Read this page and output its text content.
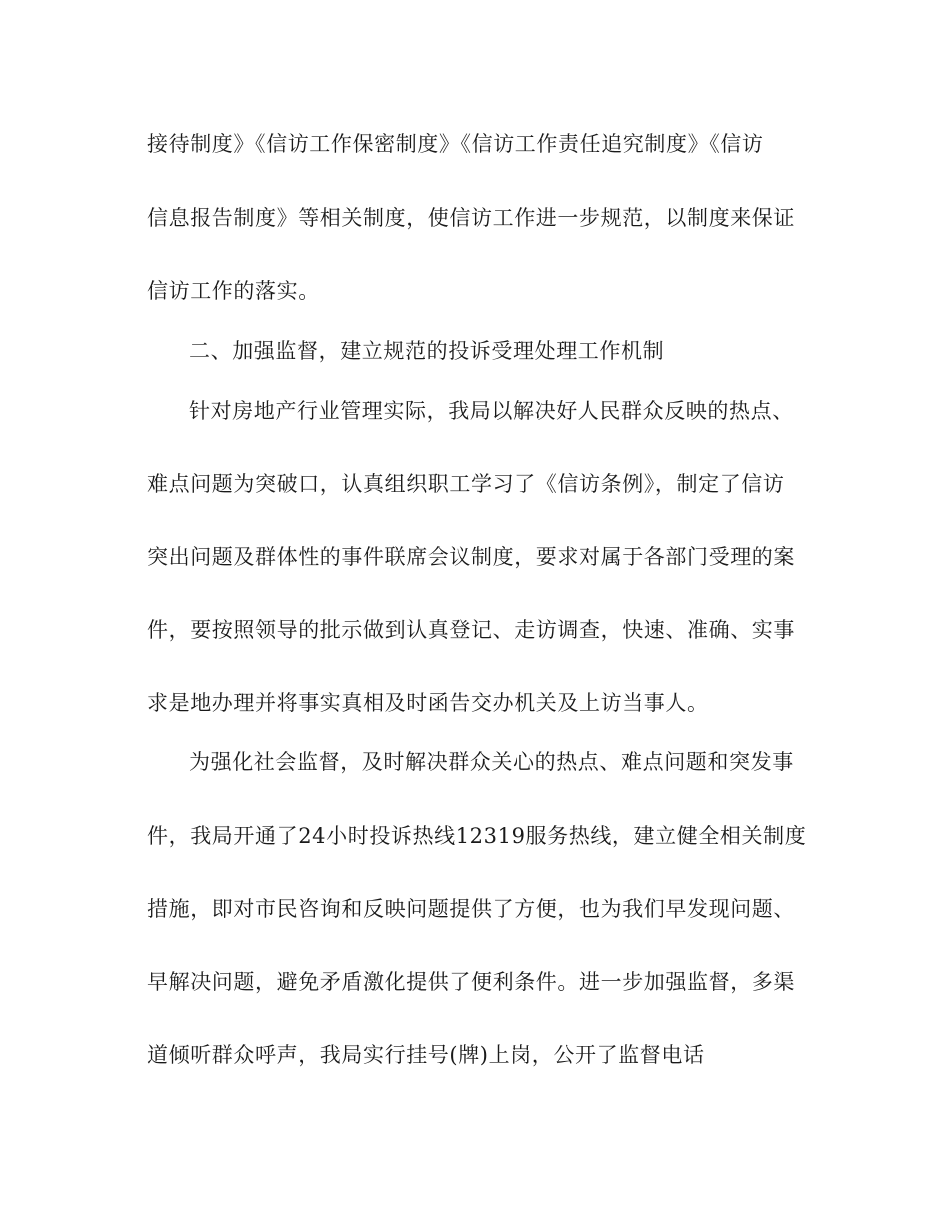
接待制度》《信访工作保密制度》《信访工作责任追究制度》《信访
信息报告制度》等相关制度，使信访工作进一步规范，以制度来保证
信访工作的落实。
二、加强监督，建立规范的投诉受理处理工作机制
针对房地产行业管理实际，我局以解决好人民群众反映的热点、
难点问题为突破口，认真组织职工学习了《信访条例》，制定了信访
突出问题及群体性的事件联席会议制度，要求对属于各部门受理的案
件，要按照领导的批示做到认真登记、走访调查，快速、准确、实事
求是地办理并将事实真相及时函告交办机关及上访当事人。
为强化社会监督，及时解决群众关心的热点、难点问题和突发事
件，我局开通了24小时投诉热线12319服务热线，建立健全相关制度
措施，即对市民咨询和反映问题提供了方便，也为我们早发现问题、
早解决问题，避免矛盾激化提供了便利条件。进一步加强监督，多渠
道倾听群众呼声，我局实行挂号(牌)上岗，公开了监督电话
